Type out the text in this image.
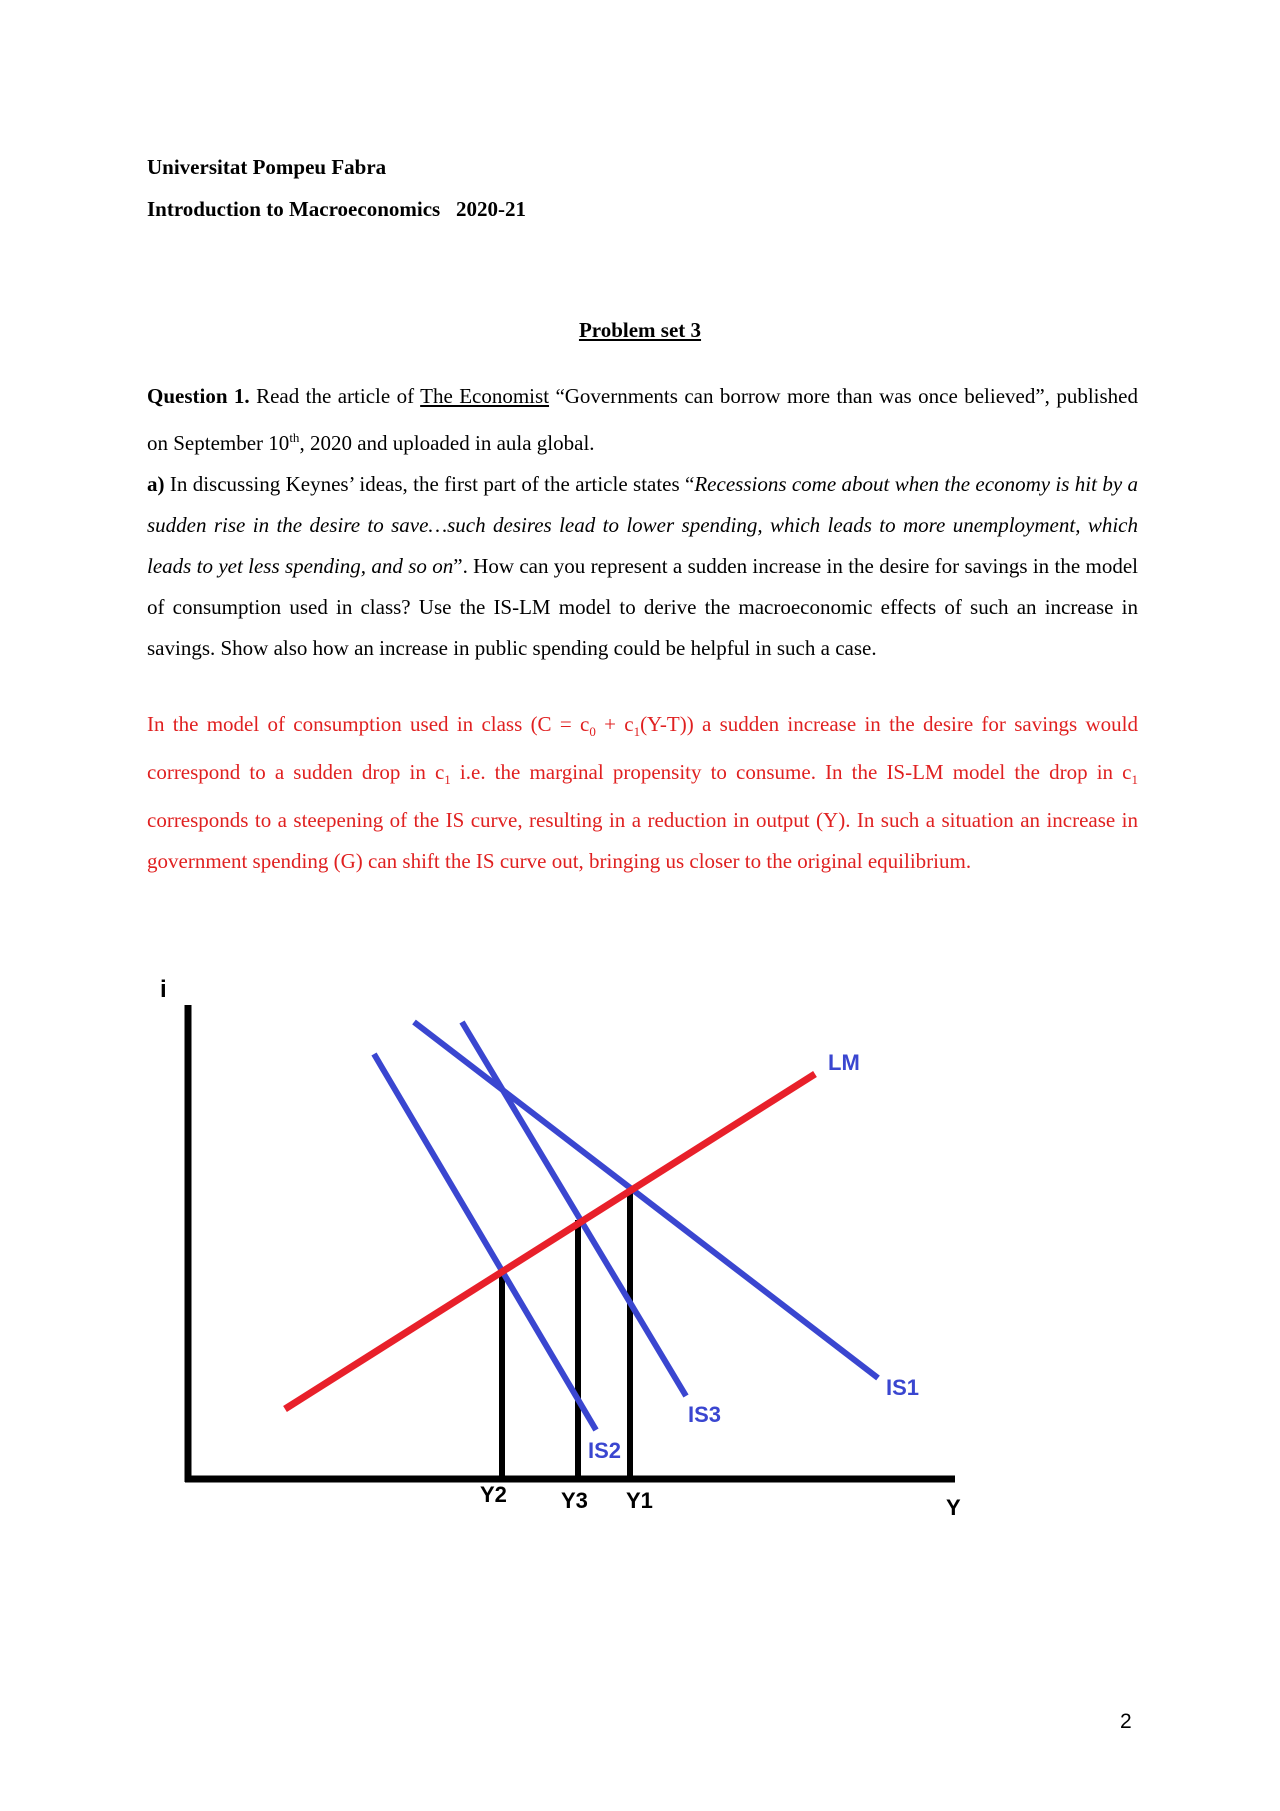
Universitat Pompeu Fabra
Introduction to Macroeconomics 2020-21
Problem set 3
Question 1. Read the article of The Economist “Governments can borrow more than was once believed”, published on September 10th, 2020 and uploaded in aula global.
a) In discussing Keynes’ ideas, the first part of the article states “Recessions come about when the economy is hit by a sudden rise in the desire to save…such desires lead to lower spending, which leads to more unemployment, which leads to yet less spending, and so on”. How can you represent a sudden increase in the desire for savings in the model of consumption used in class? Use the IS-LM model to derive the macroeconomic effects of such an increase in savings. Show also how an increase in public spending could be helpful in such a case.
In the model of consumption used in class $(C = c_0 + c_1(Y-T))$ a sudden increase in the desire for savings would correspond to a sudden drop in $c_1$ i.e. the marginal propensity to consume. In the IS-LM model the drop in $c_1$ corresponds to a steepening of the IS curve, resulting in a reduction in output (Y). In such a situation an increase in government spending (G) can shift the IS curve out, bringing us closer to the original equilibrium.
i
Y
LM
IS1
IS3
IS2
Y2 Y3 Y1
2
